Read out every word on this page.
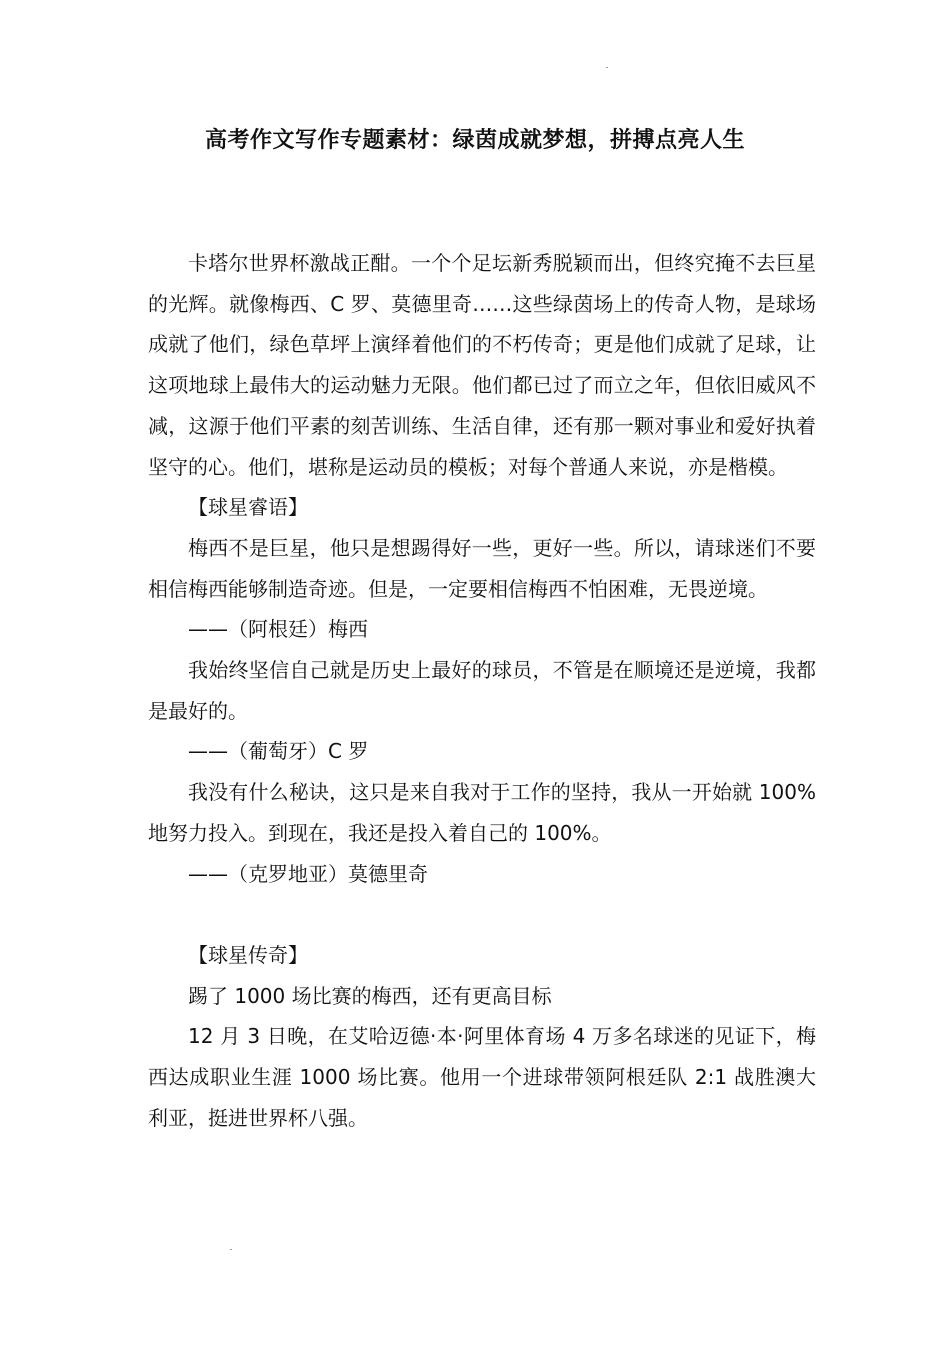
高考作文写作专题素材：绿茵成就梦想，拼搏点亮人生

卡塔尔世界杯激战正酣。一个个足坛新秀脱颖而出，但终究掩不去巨星的光辉。就像梅西、C 罗、莫德里奇……这些绿茵场上的传奇人物，是球场成就了他们，绿色草坪上演绎着他们的不朽传奇；更是他们成就了足球，让这项地球上最伟大的运动魅力无限。他们都已过了而立之年，但依旧威风不减，这源于他们平素的刻苦训练、生活自律，还有那一颗对事业和爱好执着坚守的心。他们，堪称是运动员的模板；对每个普通人来说，亦是楷模。

【球星睿语】

梅西不是巨星，他只是想踢得好一些，更好一些。所以，请球迷们不要相信梅西能够制造奇迹。但是，一定要相信梅西不怕困难，无畏逆境。

——（阿根廷）梅西

我始终坚信自己就是历史上最好的球员，不管是在顺境还是逆境，我都是最好的。

——（葡萄牙）C 罗

我没有什么秘诀，这只是来自我对于工作的坚持，我从一开始就 100%地努力投入。到现在，我还是投入着自己的 100%。

——（克罗地亚）莫德里奇

【球星传奇】

踢了 1000 场比赛的梅西，还有更高目标

12 月 3 日晚，在艾哈迈德·本·阿里体育场 4 万多名球迷的见证下，梅西达成职业生涯 1000 场比赛。他用一个进球带领阿根廷队 2:1 战胜澳大利亚，挺进世界杯八强。
